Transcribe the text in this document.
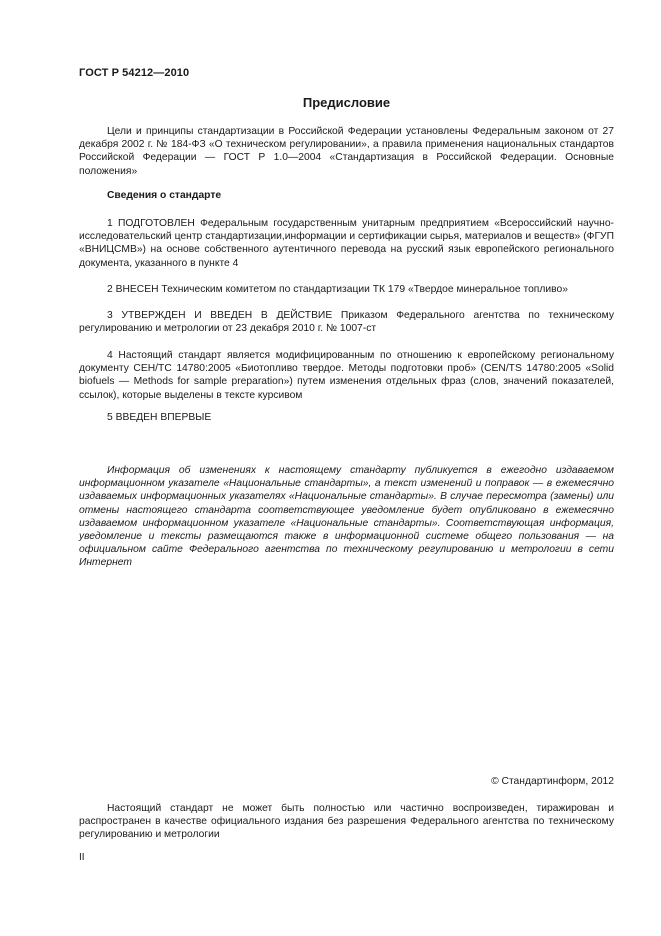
ГОСТ Р 54212—2010
Предисловие

Цели и принципы стандартизации в Российской Федерации установлены Федеральным законом от 27 декабря 2002 г. № 184-ФЗ «О техническом регулировании», а правила применения национальных стандартов Российской Федерации — ГОСТ Р 1.0—2004 «Стандартизация в Российской Федерации. Основные положения»

Сведения о стандарте

1 ПОДГОТОВЛЕН Федеральным государственным унитарным предприятием «Всероссийский научно-исследовательский центр стандартизации,информации и сертификации сырья, материалов и веществ» (ФГУП «ВНИЦСМВ») на основе собственного аутентичного перевода на русский язык европейского регионального документа, указанного в пункте 4

2 ВНЕСЕН Техническим комитетом по стандартизации ТК 179 «Твердое минеральное топливо»

3 УТВЕРЖДЕН И ВВЕДЕН В ДЕЙСТВИЕ Приказом Федерального агентства по техническому регулированию и метрологии от 23 декабря 2010 г. № 1007-ст

4 Настоящий стандарт является модифицированным по отношению к европейскому региональному документу CEH/TC 14780:2005 «Биотопливо твердое. Методы подготовки проб» (CEN/TS 14780:2005 «Solid biofuels — Methods for sample preparation») путем изменения отдельных фраз (слов, значений показателей, ссылок), которые выделены в тексте курсивом

5 ВВЕДЕН ВПЕРВЫЕ

Информация об изменениях к настоящему стандарту публикуется в ежегодно издаваемом информационном указателе «Национальные стандарты», а текст изменений и поправок — в ежемесячно издаваемых информационных указателях «Национальные стандарты». В случае пересмотра (замены) или отмены настоящего стандарта соответствующее уведомление будет опубликовано в ежемесячно издаваемом информационном указателе «Национальные стандарты». Соответствующая информация, уведомление и тексты размещаются также в информационной системе общего пользования — на официальном сайте Федерального агентства по техническому регулированию и метрологии в сети Интернет

© Стандартинформ, 2012

Настоящий стандарт не может быть полностью или частично воспроизведен, тиражирован и распространен в качестве официального издания без разрешения Федерального агентства по техническому регулированию и метрологии

II
